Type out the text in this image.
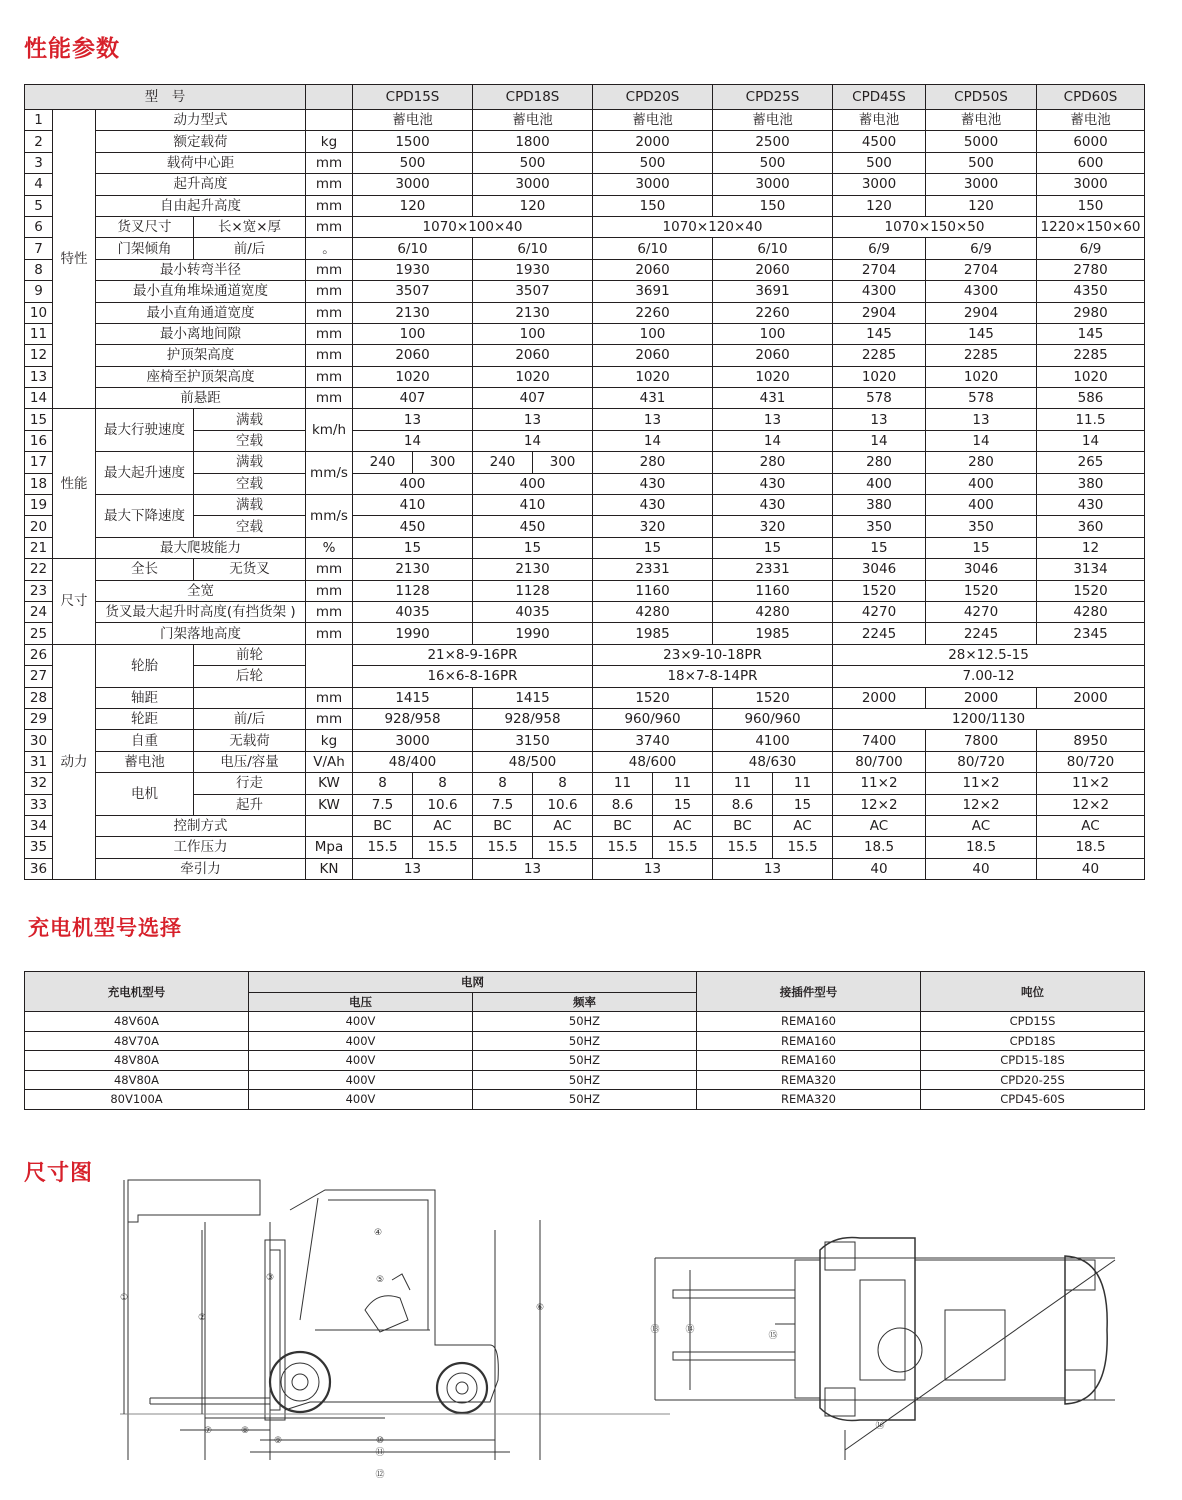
性能参数
型　号					CPD15S		CPD18S		CPD20S		CPD25S		CPD45S	CPD50S	CPD60S
1	特性	动力型式			蓄电池		蓄电池		蓄电池		蓄电池		蓄电池	蓄电池	蓄电池
2		额定载荷		kg	1500		1800		2000		2500		4500	5000	6000
3		载荷中心距		mm	500		500		500		500		500	500	600
4		起升高度		mm	3000		3000		3000		3000		3000	3000	3000
5		自由起升高度		mm	120		120		150		150		120	120	150
6		货叉尺寸	长×宽×厚	mm	1070×100×40				1070×120×40				1070×150×50		1220×150×60
7		门架倾角	前/后	。	6/10		6/10		6/10		6/10		6/9	6/9	6/9
8		最小转弯半径		mm	1930		1930		2060		2060		2704	2704	2780
9		最小直角堆垛通道宽度		mm	3507		3507		3691		3691		4300	4300	4350
10		最小直角通道宽度		mm	2130		2130		2260		2260		2904	2904	2980
11		最小离地间隙		mm	100		100		100		100		145	145	145
12		护顶架高度		mm	2060		2060		2060		2060		2285	2285	2285
13		座椅至护顶架高度		mm	1020		1020		1020		1020		1020	1020	1020
14		前悬距		mm	407		407		431		431		578	578	586
15	性能	最大行驶速度	满载	km/h	13		13		13		13		13	13	11.5
16			空载		14		14		14		14		14	14	14
17		最大起升速度	满载	mm/s	240	300	240	300	280		280		280	280	265
18			空载		400		400		430		430		400	400	380
19		最大下降速度	满载	mm/s	410		410		430		430		380	400	430
20			空载		450		450		320		320		350	350	360
21		最大爬坡能力		%	15		15		15		15		15	15	12
22	尺寸	全长	无货叉	mm	2130		2130		2331		2331		3046	3046	3134
23		全宽		mm	1128		1128		1160		1160		1520	1520	1520
24		货叉最大起升时高度(有挡货架 )		mm	4035		4035		4280		4280		4270	4270	4280
25		门架落地高度		mm	1990		1990		1985		1985		2245	2245	2345
26	动力	轮胎	前轮		21×8-9-16PR				23×9-10-18PR				28×12.5-15		
27			后轮		16×6-8-16PR				18×7-8-14PR				7.00-12		
28		轴距		mm	1415		1415		1520		1520		2000	2000	2000
29		轮距	前/后	mm	928/958		928/958		960/960		960/960		1200/1130		
30		自重	无载荷	kg	3000		3150		3740		4100		7400	7800	8950
31		蓄电池	电压/容量	V/Ah	48/400		48/500		48/600		48/630		80/700	80/720	80/720
32		电机	行走	KW	8	8	8	8	11	11	11	11	11×2	11×2	11×2
33			起升	KW	7.5	10.6	7.5	10.6	8.6	15	8.6	15	12×2	12×2	12×2
34		控制方式			BC	AC	BC	AC	BC	AC	BC	AC	AC	AC	AC
35		工作压力		Mpa	15.5	15.5	15.5	15.5	15.5	15.5	15.5	15.5	18.5	18.5	18.5
36		牵引力		KN	13		13		13		13		40	40	40
充电机型号选择
充电机型号	电网		接插件型号	吨位
	电压	频率		
48V60A	400V	50HZ	REMA160	CPD15S
48V70A	400V	50HZ	REMA160	CPD18S
48V80A	400V	50HZ	REMA160	CPD15-18S
48V80A	400V	50HZ	REMA320	CPD20-25S
80V100A	400V	50HZ	REMA320	CPD45-60S
尺寸图
①
②
③
④
⑤
⑥
⑦	⑧
⑨	⑩
⑪
⑫
⑬	⑭
⑮
⑯
